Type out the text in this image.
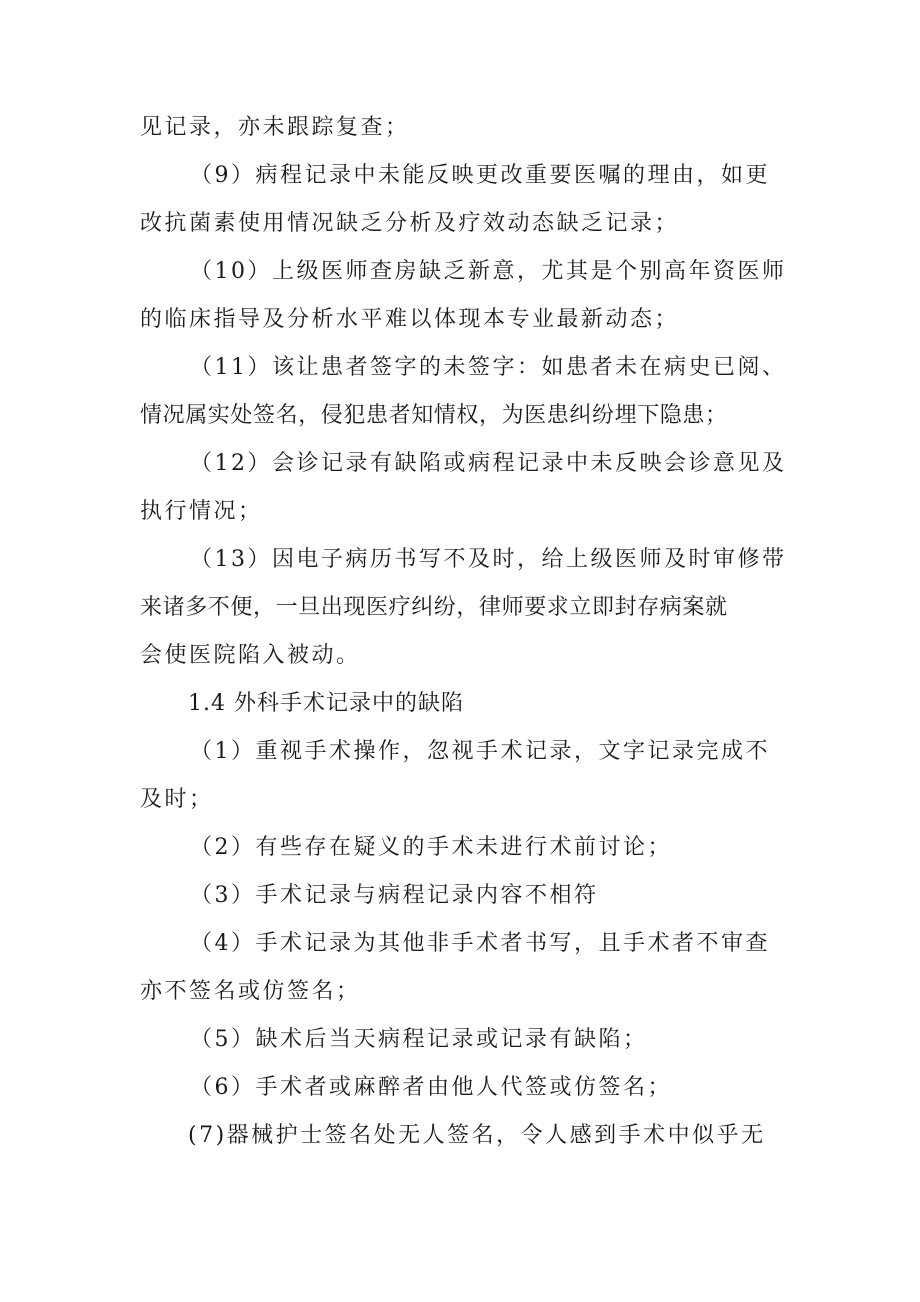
见记录，亦未跟踪复查；
（9）病程记录中未能反映更改重要医嘱的理由，如更
改抗菌素使用情况缺乏分析及疗效动态缺乏记录；
（10）上级医师查房缺乏新意，尤其是个别高年资医师
的临床指导及分析水平难以体现本专业最新动态；
（11）该让患者签字的未签字：如患者未在病史已阅、
情况属实处签名，侵犯患者知情权，为医患纠纷埋下隐患；
（12）会诊记录有缺陷或病程记录中未反映会诊意见及
执行情况；
（13）因电子病历书写不及时，给上级医师及时审修带
来诸多不便，一旦出现医疗纠纷，律师要求立即封存病案就
会使医院陷入被动。
1.4 外科手术记录中的缺陷
（1）重视手术操作，忽视手术记录，文字记录完成不
及时；
（2）有些存在疑义的手术未进行术前讨论；
（3）手术记录与病程记录内容不相符
（4）手术记录为其他非手术者书写，且手术者不审查
亦不签名或仿签名；
（5）缺术后当天病程记录或记录有缺陷；
（6）手术者或麻醉者由他人代签或仿签名；
(7)器械护士签名处无人签名，令人感到手术中似乎无
